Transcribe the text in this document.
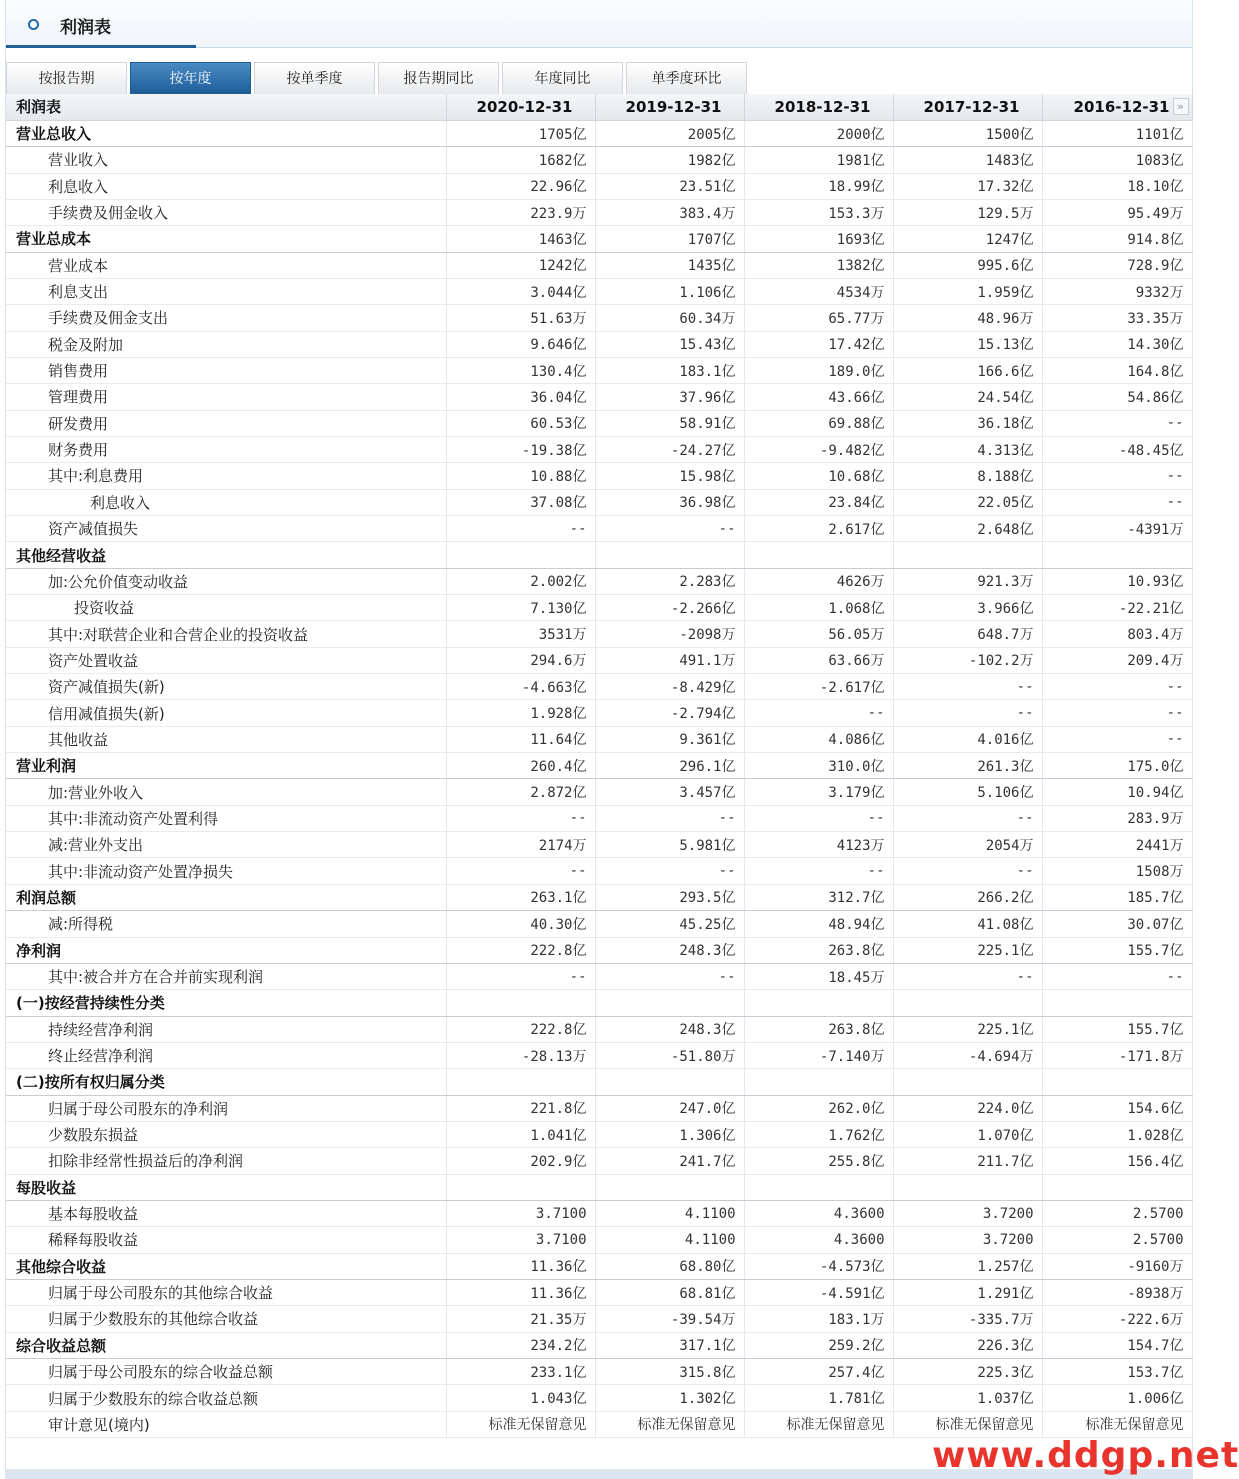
利润表
按报告期	按年度	按单季度	报告期同比	年度同比	单季度环比
利润表	2020-12-31	2019-12-31	2018-12-31	2017-12-31	2016-12-31 »

营业总收入	1705亿	2005亿	2000亿	1500亿	1101亿
营业收入	1682亿	1982亿	1981亿	1483亿	1083亿
利息收入	22.96亿	23.51亿	18.99亿	17.32亿	18.10亿
手续费及佣金收入	223.9万	383.4万	153.3万	129.5万	95.49万
营业总成本	1463亿	1707亿	1693亿	1247亿	914.8亿
营业成本	1242亿	1435亿	1382亿	995.6亿	728.9亿
利息支出	3.044亿	1.106亿	4534万	1.959亿	9332万
手续费及佣金支出	51.63万	60.34万	65.77万	48.96万	33.35万
税金及附加	9.646亿	15.43亿	17.42亿	15.13亿	14.30亿
销售费用	130.4亿	183.1亿	189.0亿	166.6亿	164.8亿
管理费用	36.04亿	37.96亿	43.66亿	24.54亿	54.86亿
研发费用	60.53亿	58.91亿	69.88亿	36.18亿	--
财务费用	-19.38亿	-24.27亿	-9.482亿	4.313亿	-48.45亿
其中:利息费用	10.88亿	15.98亿	10.68亿	8.188亿	--
利息收入	37.08亿	36.98亿	23.84亿	22.05亿	--
资产减值损失	--	--	2.617亿	2.648亿	-4391万
其他经营收益					
加:公允价值变动收益	2.002亿	2.283亿	4626万	921.3万	10.93亿
投资收益	7.130亿	-2.266亿	1.068亿	3.966亿	-22.21亿
其中:对联营企业和合营企业的投资收益	3531万	-2098万	56.05万	648.7万	803.4万
资产处置收益	294.6万	491.1万	63.66万	-102.2万	209.4万
资产减值损失(新)	-4.663亿	-8.429亿	-2.617亿	--	--
信用减值损失(新)	1.928亿	-2.794亿	--	--	--
其他收益	11.64亿	9.361亿	4.086亿	4.016亿	--
营业利润	260.4亿	296.1亿	310.0亿	261.3亿	175.0亿
加:营业外收入	2.872亿	3.457亿	3.179亿	5.106亿	10.94亿
其中:非流动资产处置利得	--	--	--	--	283.9万
减:营业外支出	2174万	5.981亿	4123万	2054万	2441万
其中:非流动资产处置净损失	--	--	--	--	1508万
利润总额	263.1亿	293.5亿	312.7亿	266.2亿	185.7亿
减:所得税	40.30亿	45.25亿	48.94亿	41.08亿	30.07亿
净利润	222.8亿	248.3亿	263.8亿	225.1亿	155.7亿
其中:被合并方在合并前实现利润	--	--	18.45万	--	--
(一)按经营持续性分类					
持续经营净利润	222.8亿	248.3亿	263.8亿	225.1亿	155.7亿
终止经营净利润	-28.13万	-51.80万	-7.140万	-4.694万	-171.8万
(二)按所有权归属分类					
归属于母公司股东的净利润	221.8亿	247.0亿	262.0亿	224.0亿	154.6亿
少数股东损益	1.041亿	1.306亿	1.762亿	1.070亿	1.028亿
扣除非经常性损益后的净利润	202.9亿	241.7亿	255.8亿	211.7亿	156.4亿
每股收益					
基本每股收益	3.7100	4.1100	4.3600	3.7200	2.5700
稀释每股收益	3.7100	4.1100	4.3600	3.7200	2.5700
其他综合收益	11.36亿	68.80亿	-4.573亿	1.257亿	-9160万
归属于母公司股东的其他综合收益	11.36亿	68.81亿	-4.591亿	1.291亿	-8938万
归属于少数股东的其他综合收益	21.35万	-39.54万	183.1万	-335.7万	-222.6万
综合收益总额	234.2亿	317.1亿	259.2亿	226.3亿	154.7亿
归属于母公司股东的综合收益总额	233.1亿	315.8亿	257.4亿	225.3亿	153.7亿
归属于少数股东的综合收益总额	1.043亿	1.302亿	1.781亿	1.037亿	1.006亿
审计意见(境内)	标准无保留意见	标准无保留意见	标准无保留意见	标准无保留意见	标准无保留意见
www.ddgp.net
